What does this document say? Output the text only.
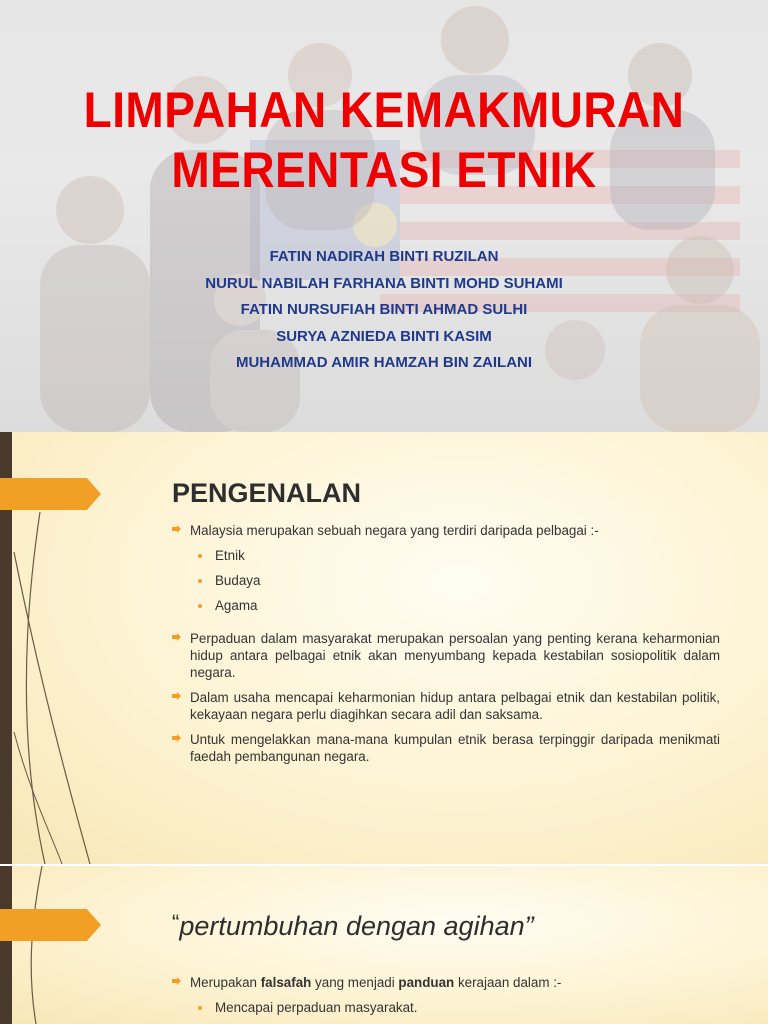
LIMPAHAN KEMAKMURAN
MERENTASI ETNIK
FATIN NADIRAH BINTI RUZILAN
NURUL NABILAH FARHANA BINTI MOHD SUHAMI
FATIN NURSUFIAH BINTI AHMAD SULHI
SURYA AZNIEDA BINTI KASIM
MUHAMMAD AMIR HAMZAH BIN ZAILANI
PENGENALAN
Malaysia merupakan sebuah negara yang terdiri daripada pelbagai :-
Etnik
Budaya
Agama
Perpaduan dalam masyarakat merupakan persoalan yang penting kerana keharmonian hidup antara pelbagai etnik akan menyumbang kepada kestabilan sosiopolitik dalam negara.
Dalam usaha mencapai keharmonian hidup antara pelbagai etnik dan kestabilan politik, kekayaan negara perlu diagihkan secara adil dan saksama.
Untuk mengelakkan mana-mana kumpulan etnik berasa terpinggir daripada menikmati faedah pembangunan negara.
“pertumbuhan dengan agihan”
Merupakan falsafah yang menjadi panduan kerajaan dalam :-
Mencapai perpaduan masyarakat.
